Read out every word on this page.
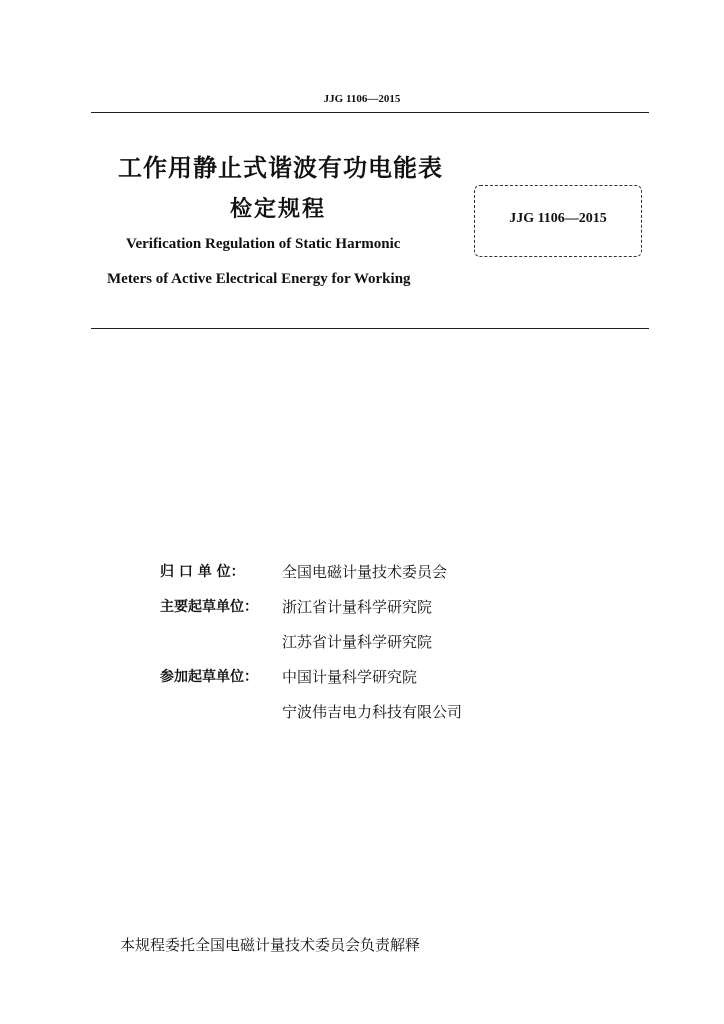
JJG 1106—2015
工作用静止式谐波有功电能表
检定规程
Verification Regulation of Static Harmonic
Meters of Active Electrical Energy for Working
JJG 1106—2015
归 口 单 位：	全国电磁计量技术委员会
主要起草单位：	浙江省计量科学研究院
江苏省计量科学研究院
参加起草单位：	中国计量科学研究院
宁波伟吉电力科技有限公司
本规程委托全国电磁计量技术委员会负责解释
